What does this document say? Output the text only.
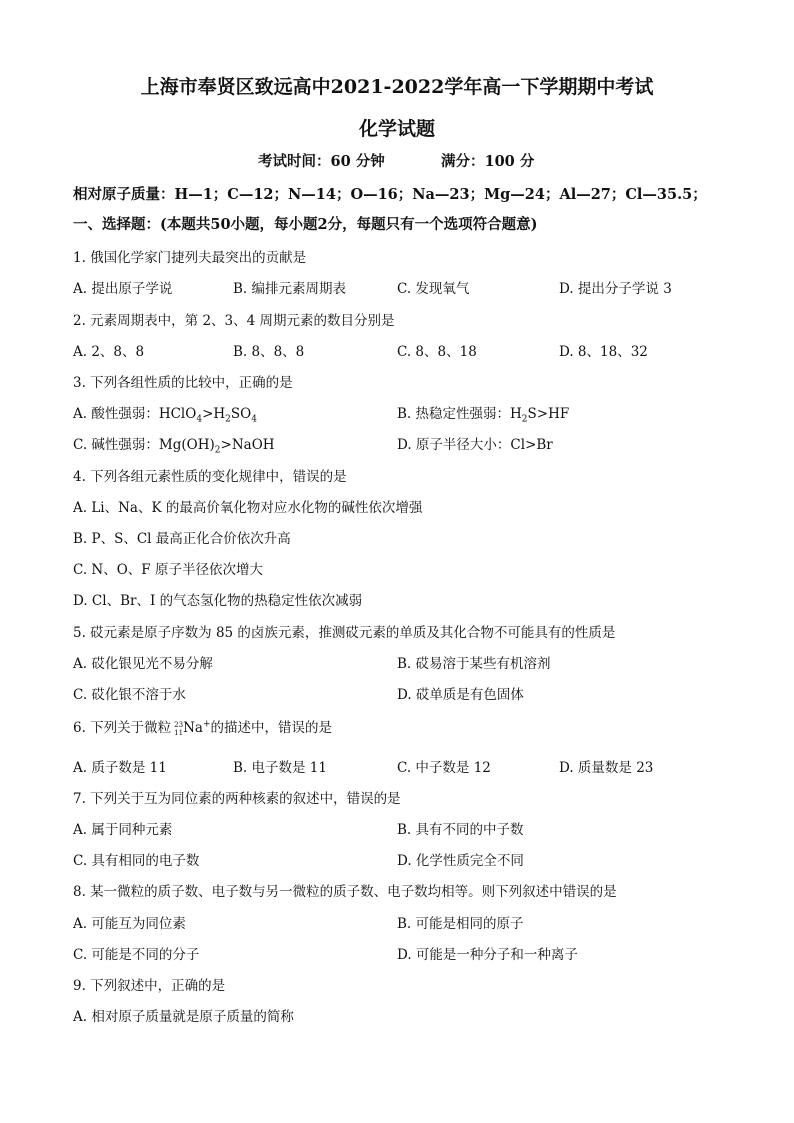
上海市奉贤区致远高中2021-2022学年高一下学期期中考试
化学试题
考试时间：60 分钟	满分：100 分
相对原子质量：H—1；C—12；N—14；O—16；Na—23；Mg—24；Al—27；Cl—35.5；
一、选择题：(本题共50小题，每小题2分，每题只有一个选项符合题意)
1. 俄国化学家门捷列夫最突出的贡献是
A. 提出原子学说	B. 编排元素周期表	C. 发现氧气	D. 提出分子学说 3
2. 元素周期表中，第 2、3、4 周期元素的数目分别是
A. 2、8、8	B. 8、8、8	C. 8、8、18	D. 8、18、32
3. 下列各组性质的比较中，正确的是
A. 酸性强弱：$HClO_4>H_2SO_4$	B. 热稳定性强弱：$H_2S>HF$
C. 碱性强弱：$Mg(OH)_2>NaOH$	D. 原子半径大小：Cl>Br
4. 下列各组元素性质的变化规律中，错误的是
A. Li、Na、K 的最高价氧化物对应水化物的碱性依次增强
B. P、S、Cl 最高正化合价依次升高
C. N、O、F 原子半径依次增大
D. Cl、Br、I 的气态氢化物的热稳定性依次减弱
5. 砹元素是原子序数为 85 的卤族元素，推测砹元素的单质及其化合物不可能具有的性质是
A. 砹化银见光不易分解	B. 砹易溶于某些有机溶剂
C. 砹化银不溶于水	D. 砹单质是有色固体
6. 下列关于微粒 23
11 Na+的描述中，错误的是
A. 质子数是 11	B. 电子数是 11	C. 中子数是 12	D. 质量数是 23
7. 下列关于互为同位素的两种核素的叙述中，错误的是
A. 属于同种元素	B. 具有不同的中子数
C. 具有相同的电子数	D. 化学性质完全不同
8. 某一微粒的质子数、电子数与另一微粒的质子数、电子数均相等。则下列叙述中错误的是
A. 可能互为同位素	B. 可能是相同的原子
C. 可能是不同的分子	D. 可能是一种分子和一种离子
9. 下列叙述中，正确的是
A. 相对原子质量就是原子质量的简称
